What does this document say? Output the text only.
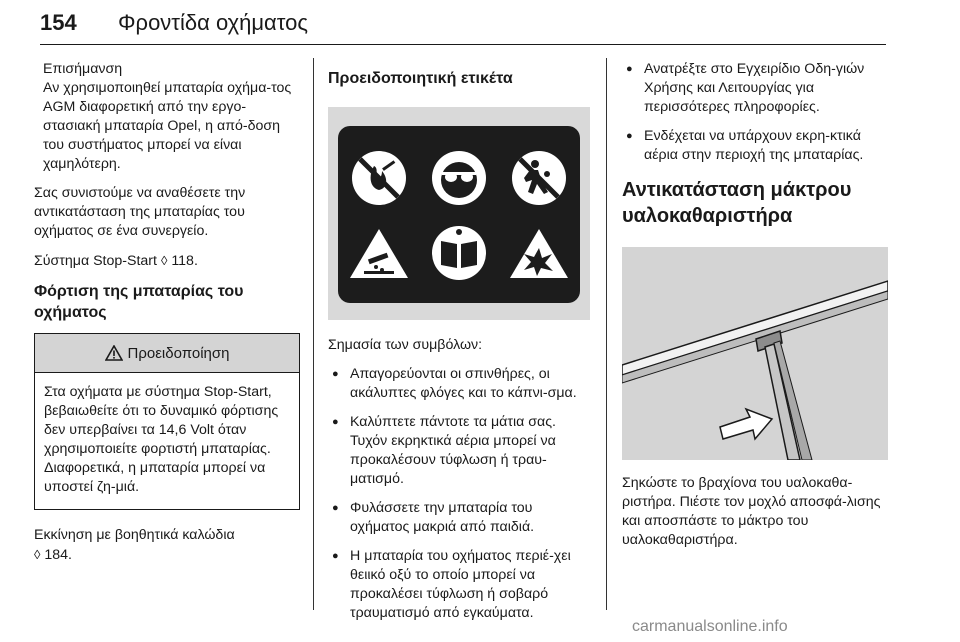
154 Φροντίδα οχήματος

Επισήμανση

Αν χρησιμοποιηθεί μπαταρία οχήμα-τος AGM διαφορετική από την εργο-στασιακή μπαταρία Opel, η από-δοση του συστήματος μπορεί να είναι χαμηλότερη.

Σας συνιστούμε να αναθέσετε την αντικατάσταση της μπαταρίας του οχήματος σε ένα συνεργείο.

Σύστημα Stop-Start ◊ 118.

Φόρτιση της μπαταρίας του οχήματος
Προειδοποίηση

Στα οχήματα με σύστημα Stop-Start, βεβαιωθείτε ότι το δυναμικό φόρτισης δεν υπερβαίνει τα 14,6 Volt όταν χρησιμοποιείτε φορτιστή μπαταρίας. Διαφορετικά, η μπαταρία μπορεί να υποστεί ζη-μιά.

Εκκίνηση με βοηθητικά καλώδια
◊ 184.

Προειδοποιητική ετικέτα

Σημασία των συμβόλων:

● Απαγορεύονται οι σπινθήρες, οι ακάλυπτες φλόγες και το κάπνι-σμα.
● Καλύπτετε πάντοτε τα μάτια σας. Τυχόν εκρηκτικά αέρια μπορεί να προκαλέσουν τύφλωση ή τραυ-ματισμό.
● Φυλάσσετε την μπαταρία του οχήματος μακριά από παιδιά.
● Η μπαταρία του οχήματος περιέ-χει θειικό οξύ το οποίο μπορεί να προκαλέσει τύφλωση ή σοβαρό τραυματισμό από εγκαύματα.
● Ανατρέξτε στο Εγχειρίδιο Οδη-γιών Χρήσης και Λειτουργίας για περισσότερες πληροφορίες.
● Ενδέχεται να υπάρχουν εκρη-κτικά αέρια στην περιοχή της μπαταρίας.
Αντικατάσταση μάκτρου υαλοκαθαριστήρα

Σηκώστε το βραχίονα του υαλοκαθα-ριστήρα. Πιέστε τον μοχλό αποσφά-λισης και αποσπάστε το μάκτρο του υαλοκαθαριστήρα.

carmanualsonline.info
